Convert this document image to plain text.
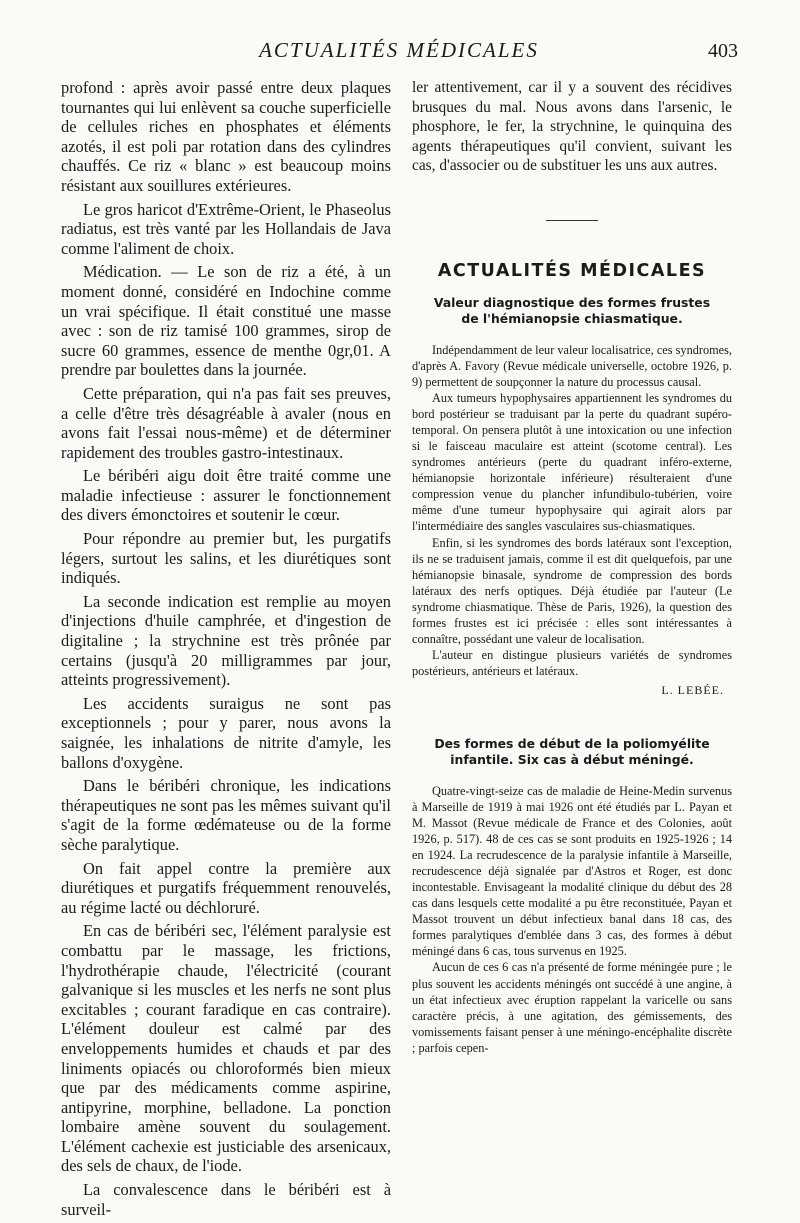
ACTUALITÉS MÉDICALES	403

profond : après avoir passé entre deux plaques tournantes qui lui enlèvent sa couche superficielle de cellules riches en phosphates et éléments azotés, il est poli par rotation dans des cylindres chauffés. Ce riz « blanc » est beaucoup moins résistant aux souillures extérieures.

Le gros haricot d'Extrême-Orient, le Phaseolus radiatus, est très vanté par les Hollandais de Java comme l'aliment de choix.

Médication. — Le son de riz a été, à un moment donné, considéré en Indochine comme un vrai spécifique. Il était constitué une masse avec : son de riz tamisé 100 grammes, sirop de sucre 60 grammes, essence de menthe 0gr,01. A prendre par boulettes dans la journée.

Cette préparation, qui n'a pas fait ses preuves, a celle d'être très désagréable à avaler (nous en avons fait l'essai nous-même) et de déterminer rapidement des troubles gastro-intestinaux.

Le béribéri aigu doit être traité comme une maladie infectieuse : assurer le fonctionnement des divers émonctoires et soutenir le cœur.

Pour répondre au premier but, les purgatifs légers, surtout les salins, et les diurétiques sont indiqués.

La seconde indication est remplie au moyen d'injections d'huile camphrée, et d'ingestion de digitaline ; la strychnine est très prônée par certains (jusqu'à 20 milligrammes par jour, atteints progressivement).

Les accidents suraigus ne sont pas exceptionnels ; pour y parer, nous avons la saignée, les inhalations de nitrite d'amyle, les ballons d'oxygène.

Dans le béribéri chronique, les indications thérapeutiques ne sont pas les mêmes suivant qu'il s'agit de la forme œdémateuse ou de la forme sèche paralytique.

On fait appel contre la première aux diurétiques et purgatifs fréquemment renouvelés, au régime lacté ou déchloruré.

En cas de béribéri sec, l'élément paralysie est combattu par le massage, les frictions, l'hydrothérapie chaude, l'électricité (courant galvanique si les muscles et les nerfs ne sont plus excitables ; courant faradique en cas contraire). L'élément douleur est calmé par des enveloppements humides et chauds et par des liniments opiacés ou chloroformés bien mieux que par des médicaments comme aspirine, antipyrine, morphine, belladone. La ponction lombaire amène souvent du soulagement. L'élément cachexie est justiciable des arsenicaux, des sels de chaux, de l'iode.

La convalescence dans le béribéri est à surveil-

ler attentivement, car il y a souvent des récidives brusques du mal. Nous avons dans l'arsenic, le phosphore, le fer, la strychnine, le quinquina des agents thérapeutiques qu'il convient, suivant les cas, d'associer ou de substituer les uns aux autres.

ACTUALITÉS MÉDICALES
Valeur diagnostique des formes frustes
de l'hémianopsie chiasmatique.

Indépendamment de leur valeur localisatrice, ces syndromes, d'après A. Favory (Revue médicale universelle, octobre 1926, p. 9) permettent de soupçonner la nature du processus causal.

Aux tumeurs hypophysaires appartiennent les syndromes du bord postérieur se traduisant par la perte du quadrant supéro-temporal. On pensera plutôt à une intoxication ou une infection si le faisceau maculaire est atteint (scotome central). Les syndromes antérieurs (perte du quadrant inféro-externe, hémianopsie horizontale inférieure) résulteraient d'une compression venue du plancher infundibulo-tubérien, voire même d'une tumeur hypophysaire qui agirait alors par l'intermédiaire des sangles vasculaires sus-chiasmatiques.

Enfin, si les syndromes des bords latéraux sont l'exception, ils ne se traduisent jamais, comme il est dit quelquefois, par une hémianopsie binasale, syndrome de compression des bords latéraux des nerfs optiques. Déjà étudiée par l'auteur (Le syndrome chiasmatique. Thèse de Paris, 1926), la question des formes frustes est ici précisée : elles sont intéressantes à connaître, possédant une valeur de localisation.

L'auteur en distingue plusieurs variétés de syndromes postérieurs, antérieurs et latéraux.

L. LEBÉE.
Des formes de début de la poliomyélite
infantile. Six cas à début méningé.

Quatre-vingt-seize cas de maladie de Heine-Medin survenus à Marseille de 1919 à mai 1926 ont été étudiés par L. Payan et M. Massot (Revue médicale de France et des Colonies, août 1926, p. 517). 48 de ces cas se sont produits en 1925-1926 ; 14 en 1924. La recrudescence de la paralysie infantile à Marseille, recrudescence déjà signalée par d'Astros et Roger, est donc incontestable. Envisageant la modalité clinique du début des 28 cas dans lesquels cette modalité a pu être reconstituée, Payan et Massot trouvent un début infectieux banal dans 18 cas, des formes paralytiques d'emblée dans 3 cas, des formes à début méningé dans 6 cas, tous survenus en 1925.

Aucun de ces 6 cas n'a présenté de forme méningée pure ; le plus souvent les accidents méningés ont succédé à une angine, à un état infectieux avec éruption rappelant la varicelle ou sans caractère précis, à une agitation, des gémissements, des vomissements faisant penser à une méningo-encéphalite discrète ; parfois cepen-
